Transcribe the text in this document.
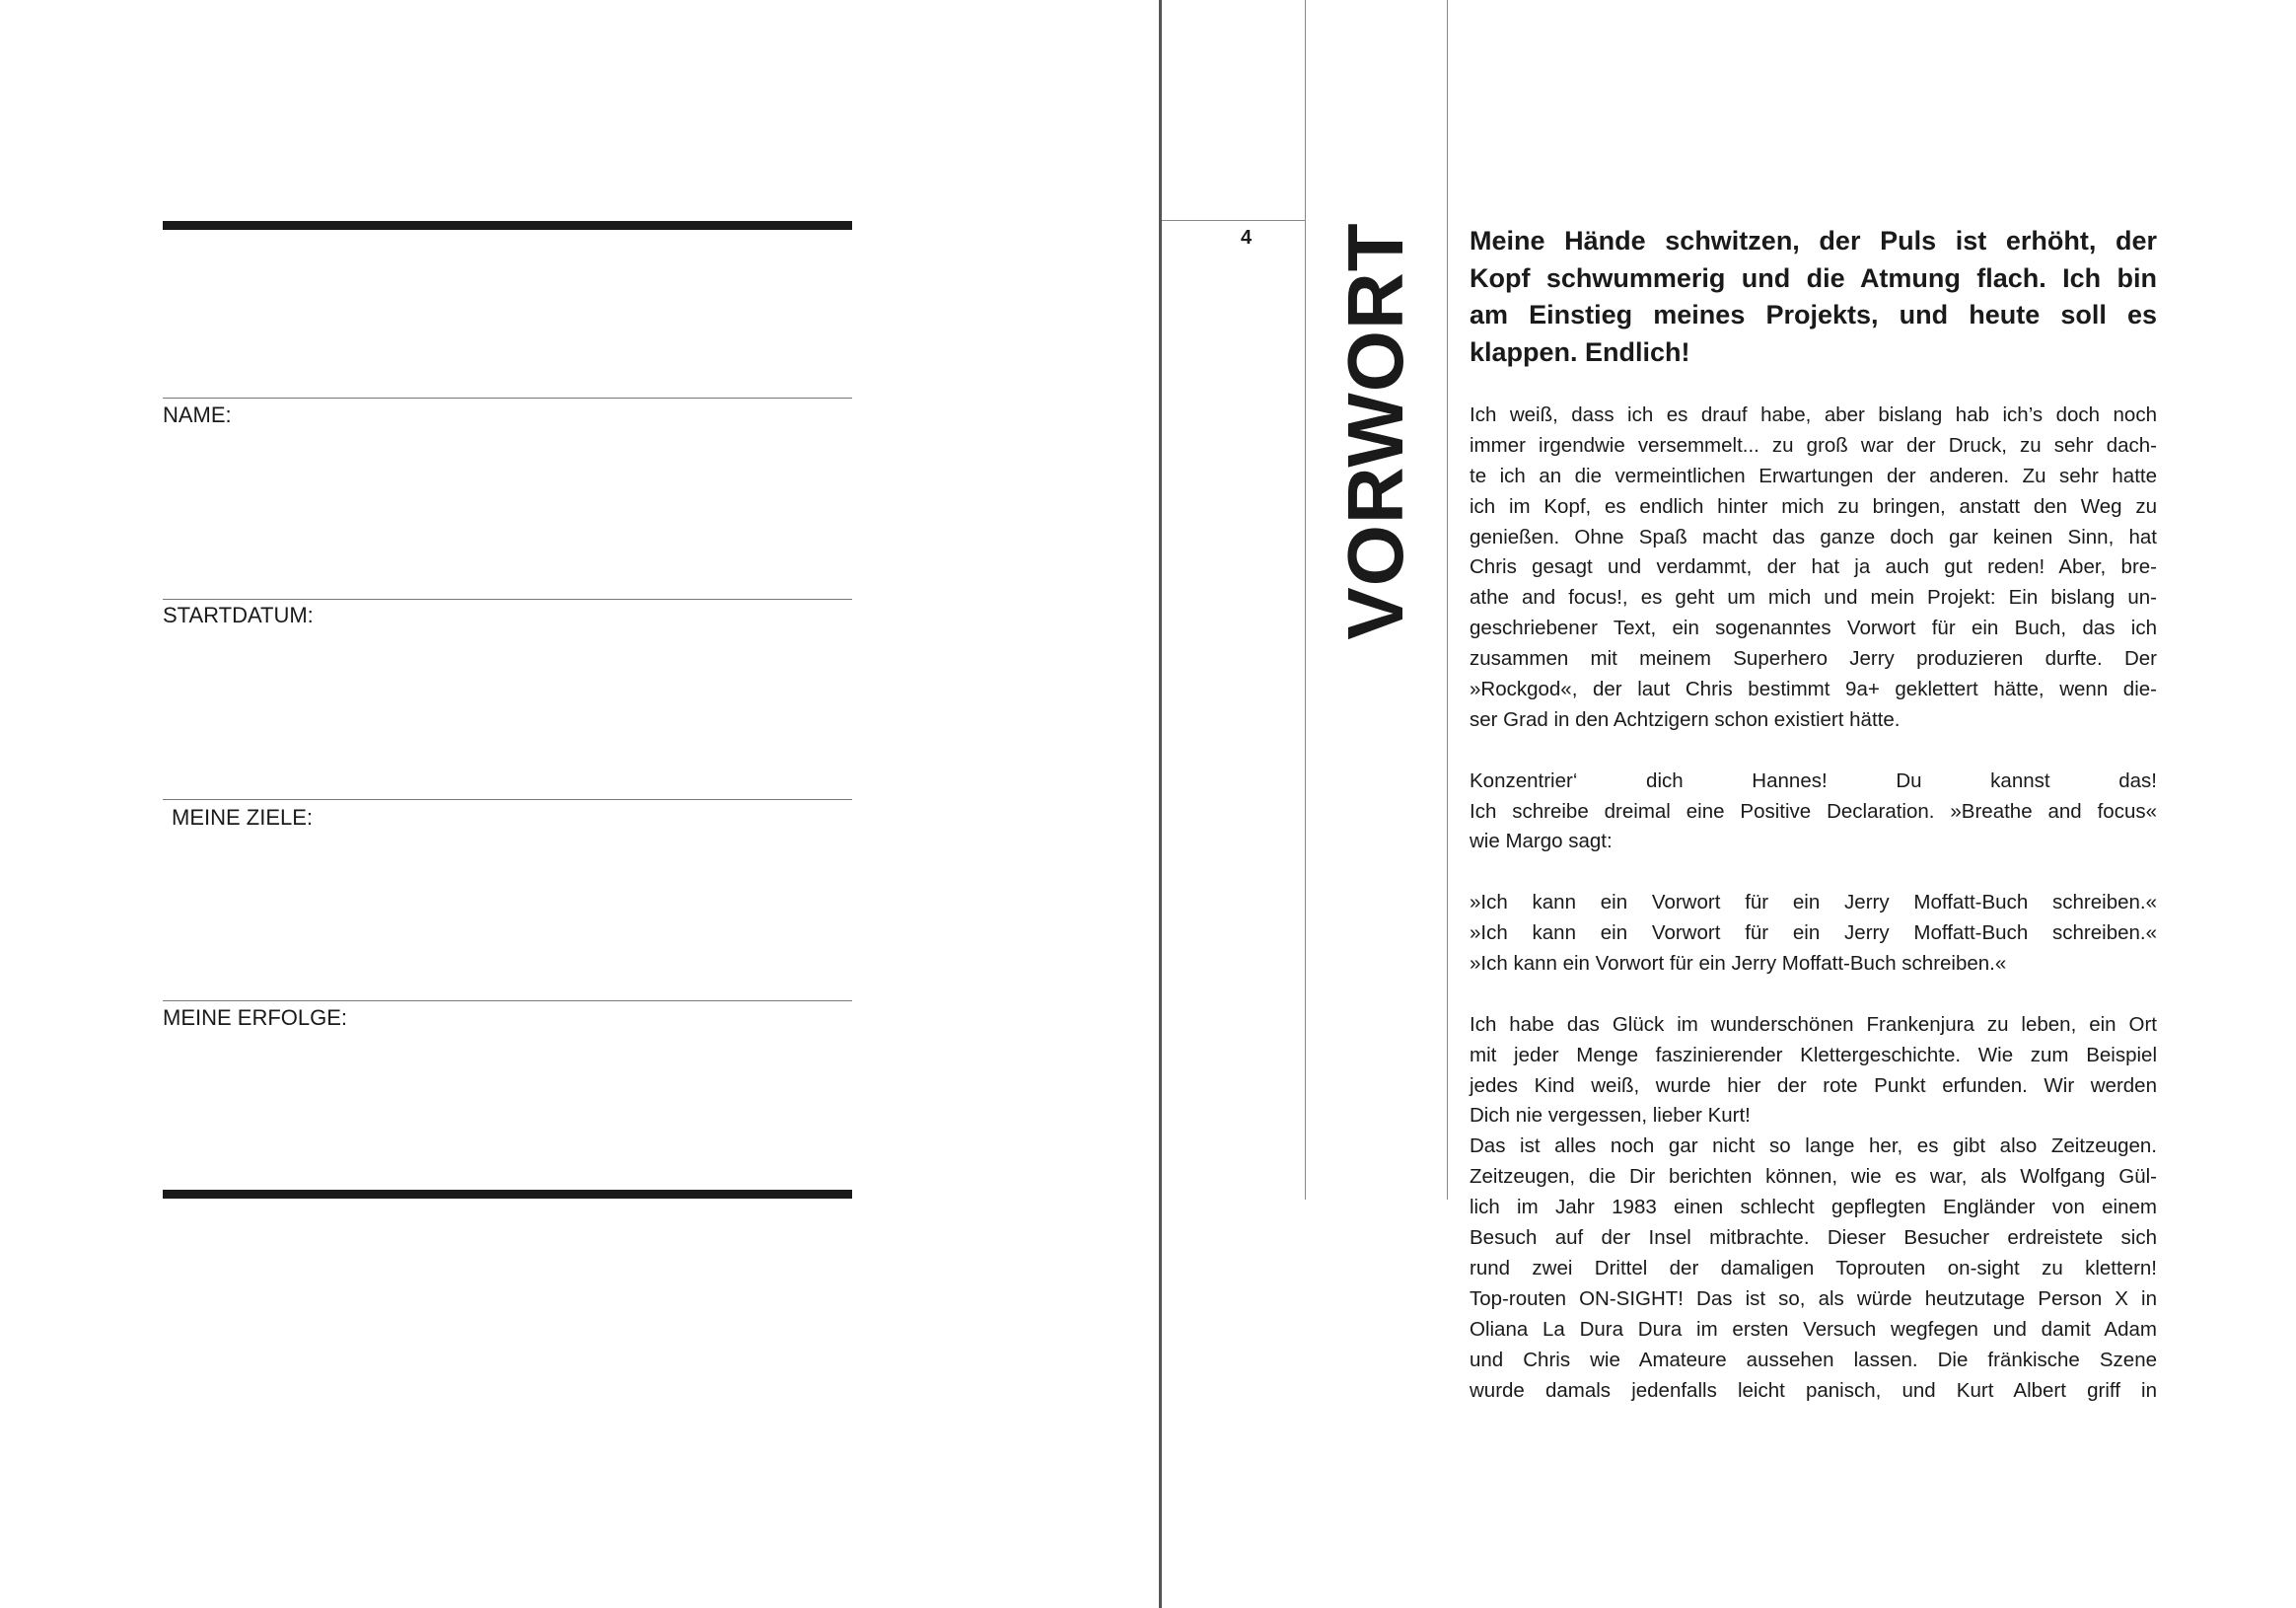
NAME:
STARTDATUM:
MEINE ZIELE:
MEINE ERFOLGE:
4 VORWORT Meine Hände schwitzen, der Puls ist erhöht, der
Kopf schwummerig und die Atmung flach. Ich bin
am Einstieg meines Projekts, und heute soll es
klappen. Endlich!
Ich weiß, dass ich es drauf habe, aber bislang hab ich’s doch noch
immer irgendwie versemmelt... zu groß war der Druck, zu sehr dach-
te ich an die vermeintlichen Erwartungen der anderen. Zu sehr hatte
ich im Kopf, es endlich hinter mich zu bringen, anstatt den Weg zu
genießen. Ohne Spaß macht das ganze doch gar keinen Sinn, hat
Chris gesagt und verdammt, der hat ja auch gut reden! Aber, bre-
athe and focus!, es geht um mich und mein Projekt: Ein bislang un-
geschriebener Text, ein sogenanntes Vorwort für ein Buch, das ich
zusammen mit meinem Superhero Jerry produzieren durfte. Der
»Rockgod«, der laut Chris bestimmt 9a+ geklettert hätte, wenn die-
ser Grad in den Achtzigern schon existiert hätte.
Konzentrier‘ dich Hannes! Du kannst das!
Ich schreibe dreimal eine Positive Declaration. »Breathe and focus«
wie Margo sagt:
»Ich kann ein Vorwort für ein Jerry Moffatt-Buch schreiben.«
»Ich kann ein Vorwort für ein Jerry Moffatt-Buch schreiben.«
»Ich kann ein Vorwort für ein Jerry Moffatt-Buch schreiben.«
Ich habe das Glück im wunderschönen Frankenjura zu leben, ein Ort
mit jeder Menge faszinierender Klettergeschichte. Wie zum Beispiel
jedes Kind weiß, wurde hier der rote Punkt erfunden. Wir werden
Dich nie vergessen, lieber Kurt!
Das ist alles noch gar nicht so lange her, es gibt also Zeitzeugen.
Zeitzeugen, die Dir berichten können, wie es war, als Wolfgang Gül-
lich im Jahr 1983 einen schlecht gepflegten Engländer von einem
Besuch auf der Insel mitbrachte. Dieser Besucher erdreistete sich
rund zwei Drittel der damaligen Toprouten on-sight zu klettern!
Top-routen ON-SIGHT! Das ist so, als würde heutzutage Person X in
Oliana La Dura Dura im ersten Versuch wegfegen und damit Adam
und Chris wie Amateure aussehen lassen. Die fränkische Szene
wurde damals jedenfalls leicht panisch, und Kurt Albert griff in
